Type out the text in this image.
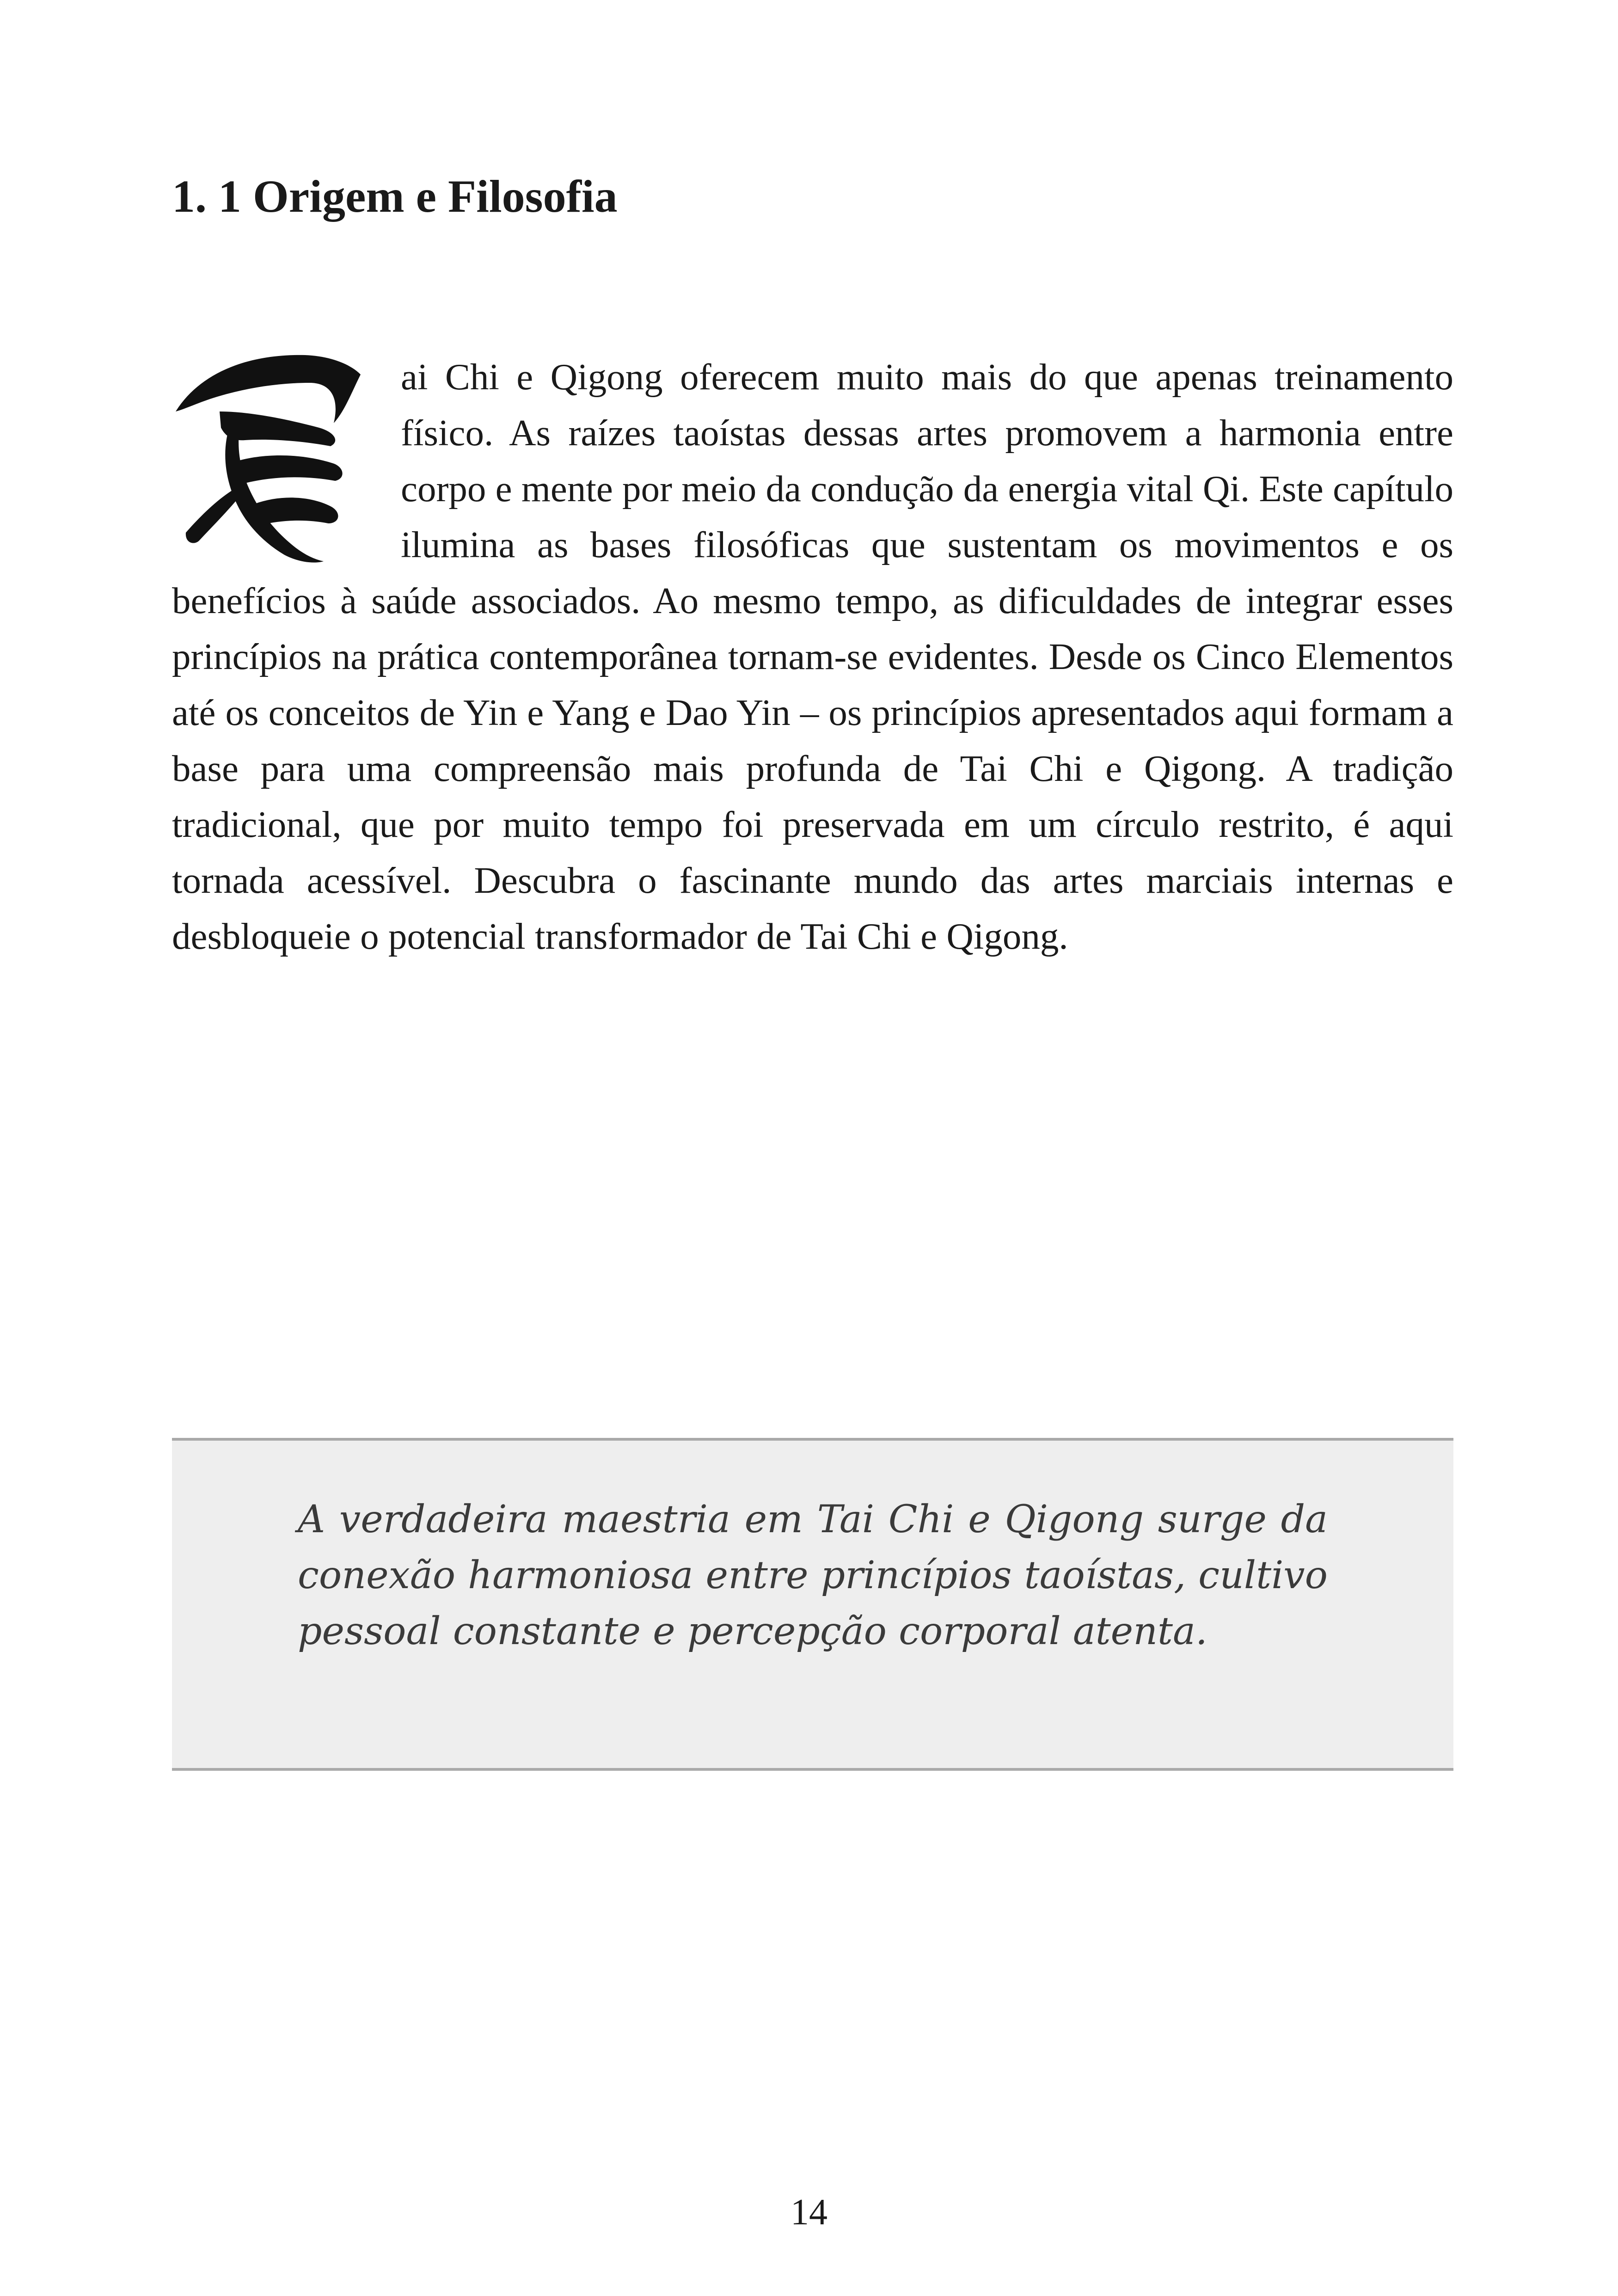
1. 1 Origem e Filosofia
ai Chi e Qigong oferecem muito mais do que apenas treinamento físico. As raízes taoístas dessas artes promovem a harmonia entre corpo e mente por meio da condução da energia vital Qi. Este capítulo ilumina as bases filosóficas que sustentam os movimentos e os benefícios à saúde associados. Ao mesmo tempo, as dificuldades de integrar esses princípios na prática contemporânea tornam-se evidentes. Desde os Cinco Elementos até os conceitos de Yin e Yang e Dao Yin – os princípios apresentados aqui formam a base para uma compreensão mais profunda de Tai Chi e Qigong. A tradição tradicional, que por muito tempo foi preservada em um círculo restrito, é aqui tornada acessível. Descubra o fascinante mundo das artes marciais internas e desbloqueie o potencial transformador de Tai Chi e Qigong.

A verdadeira maestria em Tai Chi e Qigong surge da conexão harmoniosa entre princípios taoístas, cultivo pessoal constante e percepção corporal atenta.

14
